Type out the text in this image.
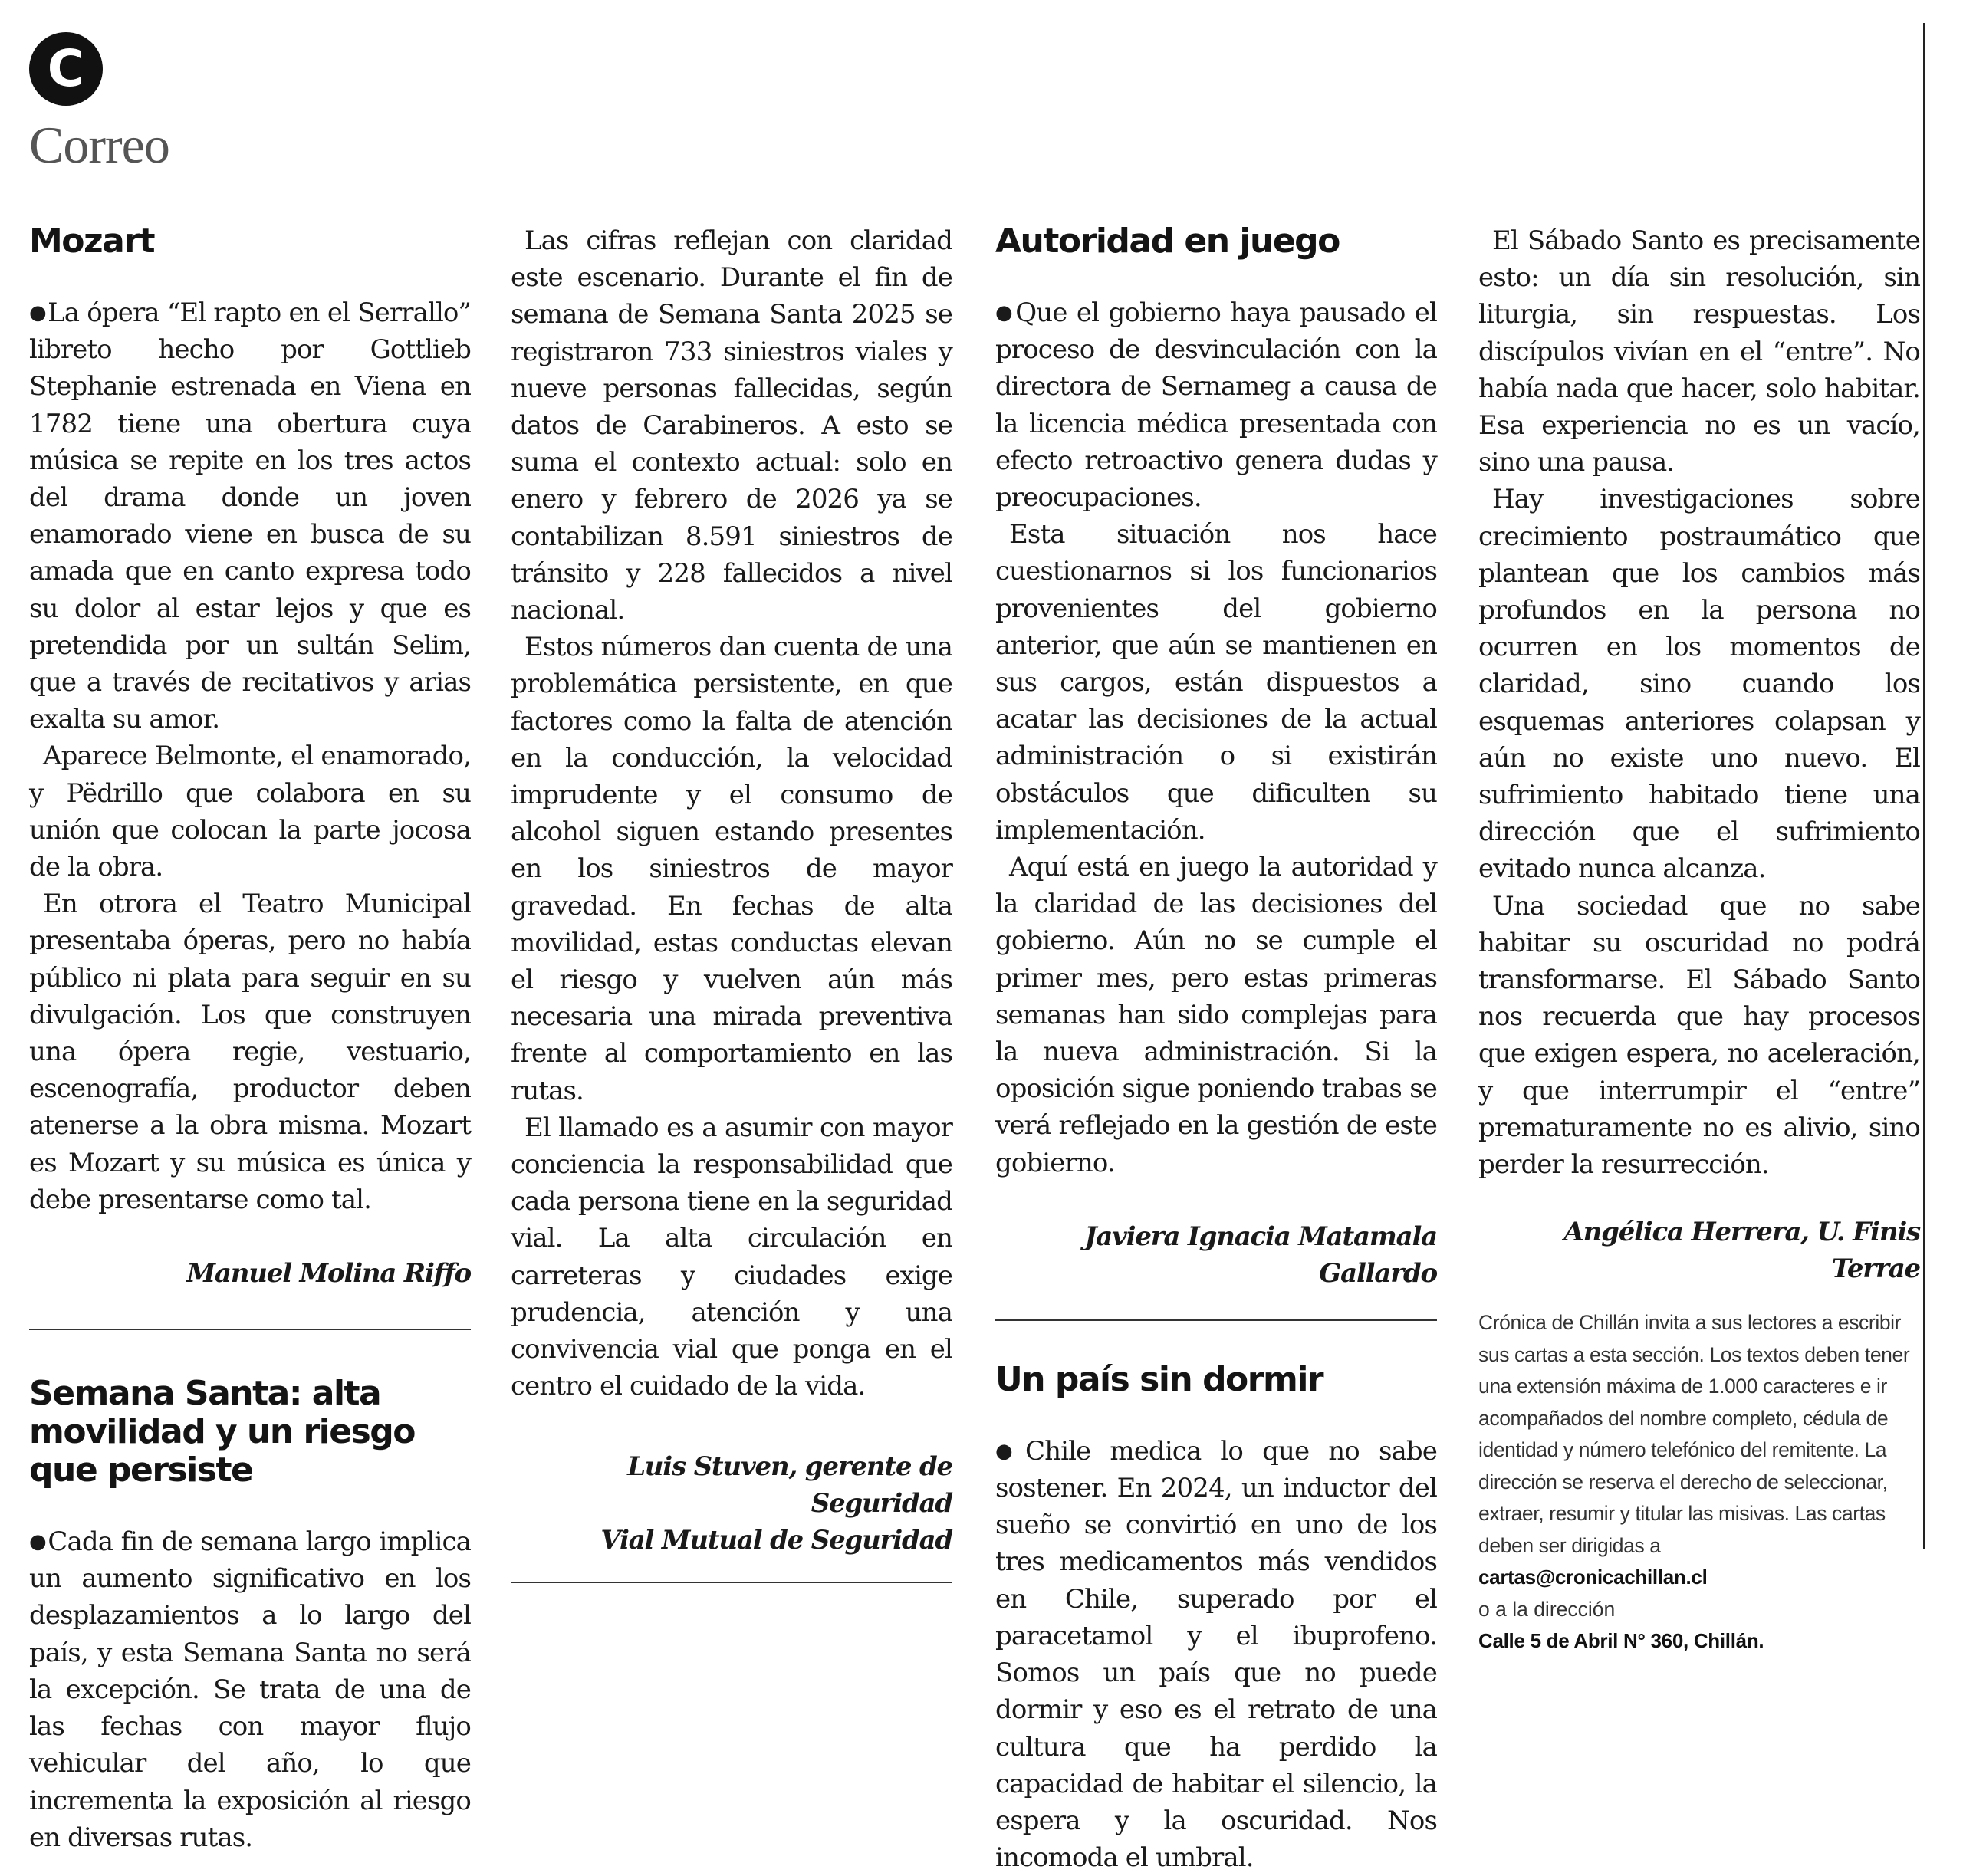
C
Correo
Mozart

●La ópera “El rapto en el Serrallo” libreto hecho por Gottlieb Stephanie estrenada en Viena en 1782 tiene una obertura cuya música se repite en los tres actos del drama donde un joven enamorado viene en busca de su amada que en canto expresa todo su dolor al estar lejos y que es pretendida por un sultán Selim, que a través de recitativos y arias exalta su amor.

Aparece Belmonte, el enamorado, y Pëdrillo que colabora en su unión que colocan la parte jocosa de la obra.

En otrora el Teatro Municipal presentaba óperas, pero no había público ni plata para seguir en su divulgación. Los que construyen una ópera regie, vestuario, escenografía, productor deben atenerse a la obra misma. Mozart es Mozart y su música es única y debe presentarse como tal.

Manuel Molina Riffo
Semana Santa: alta movilidad y un riesgo que persiste

●Cada fin de semana largo implica un aumento significativo en los desplazamientos a lo largo del país, y esta Semana Santa no será la excepción. Se trata de una de las fechas con mayor flujo vehicular del año, lo que incrementa la exposición al riesgo en diversas rutas.

Las cifras reflejan con claridad este escenario. Durante el fin de semana de Semana Santa 2025 se registraron 733 siniestros viales y nueve personas fallecidas, según datos de Carabineros. A esto se suma el contexto actual: solo en enero y febrero de 2026 ya se contabilizan 8.591 siniestros de tránsito y 228 fallecidos a nivel nacional.

Estos números dan cuenta de una problemática persistente, en que factores como la falta de atención en la conducción, la velocidad imprudente y el consumo de alcohol siguen estando presentes en los siniestros de mayor gravedad. En fechas de alta movilidad, estas conductas elevan el riesgo y vuelven aún más necesaria una mirada preventiva frente al comportamiento en las rutas.

El llamado es a asumir con mayor conciencia la responsabilidad que cada persona tiene en la seguridad vial. La alta circulación en carreteras y ciudades exige prudencia, atención y una convivencia vial que ponga en el centro el cuidado de la vida.

Luis Stuven, gerente de Seguridad
Vial Mutual de Seguridad
Autoridad en juego

●Que el gobierno haya pausado el proceso de desvinculación con la directora de Sernameg a causa de la licencia médica presentada con efecto retroactivo genera dudas y preocupaciones.

Esta situación nos hace cuestionarnos si los funcionarios provenientes del gobierno anterior, que aún se mantienen en sus cargos, están dispuestos a acatar las decisiones de la actual administración o si existirán obstáculos que dificulten su implementación.

Aquí está en juego la autoridad y la claridad de las decisiones del gobierno. Aún no se cumple el primer mes, pero estas primeras semanas han sido complejas para la nueva administración. Si la oposición sigue poniendo trabas se verá reflejado en la gestión de este gobierno.

Javiera Ignacia Matamala Gallardo
Un país sin dormir

●Chile medica lo que no sabe sostener. En 2024, un inductor del sueño se convirtió en uno de los tres medicamentos más vendidos en Chile, superado por el paracetamol y el ibuprofeno. Somos un país que no puede dormir y eso es el retrato de una cultura que ha perdido la capacidad de habitar el silencio, la espera y la oscuridad. Nos incomoda el umbral.

El Sábado Santo es precisamente esto: un día sin resolución, sin liturgia, sin respuestas. Los discípulos vivían en el “entre”. No había nada que hacer, solo habitar. Esa experiencia no es un vacío, sino una pausa.

Hay investigaciones sobre crecimiento postraumático que plantean que los cambios más profundos en la persona no ocurren en los momentos de claridad, sino cuando los esquemas anteriores colapsan y aún no existe uno nuevo. El sufrimiento habitado tiene una dirección que el sufrimiento evitado nunca alcanza.

Una sociedad que no sabe habitar su oscuridad no podrá transformarse. El Sábado Santo nos recuerda que hay procesos que exigen espera, no aceleración, y que interrumpir el “entre” prematuramente no es alivio, sino perder la resurrección.

Angélica Herrera, U. Finis Terrae
Crónica de Chillán invita a sus lectores a escribir sus cartas a esta sección. Los textos deben tener una extensión máxima de 1.000 caracteres e ir acompañados del nombre completo, cédula de identidad y número telefónico del remitente. La dirección se reserva el derecho de seleccionar, extraer, resumir y titular las misivas. Las cartas deben ser dirigidas a
cartas@cronicachillan.cl
o a la dirección
Calle 5 de Abril N° 360, Chillán.
